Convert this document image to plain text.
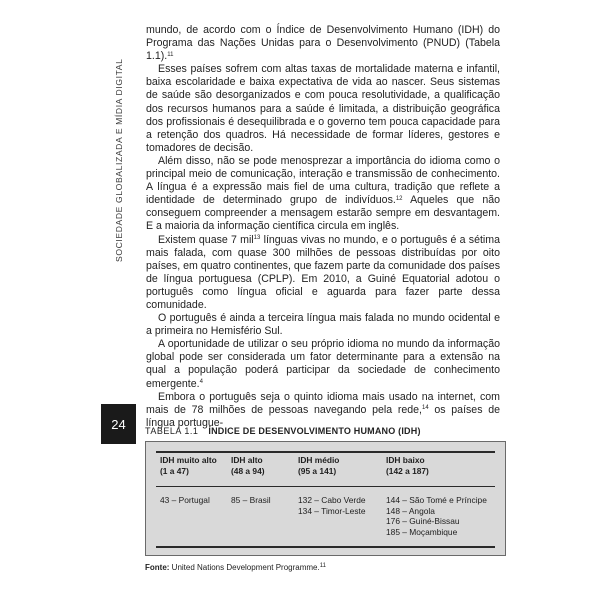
SOCIEDADE GLOBALIZADA E MÍDIA DIGITAL
24

mundo, de acordo com o Índice de Desenvolvimento Humano (IDH) do Programa das Nações Unidas para o Desenvolvimento (PNUD) (Tabela 1.1).$^{11}$

Esses países sofrem com altas taxas de mortalidade materna e infantil, baixa escolaridade e baixa expectativa de vida ao nascer. Seus sistemas de saúde são desorganizados e com pouca resolutividade, a qualificação dos recursos humanos para a saúde é limitada, a distribuição geográfica dos profissionais é desequilibrada e o governo tem pouca capacidade para a retenção dos quadros. Há necessidade de formar líderes, gestores e tomadores de decisão.

Além disso, não se pode menosprezar a importância do idioma como o principal meio de comunicação, interação e transmissão de conhecimento. A língua é a expressão mais fiel de uma cultura, tradição que reflete a identidade de determinado grupo de indivíduos.$^{12}$ Aqueles que não conseguem compreender a mensagem estarão sempre em desvantagem. E a maioria da informação científica circula em inglês.

Existem quase 7 mil$^{13}$ línguas vivas no mundo, e o português é a sétima mais falada, com quase 300 milhões de pessoas distribuídas por oito países, em quatro continentes, que fazem parte da comunidade dos países de língua portuguesa (CPLP). Em 2010, a Guiné Equatorial adotou o português como língua oficial e aguarda para fazer parte dessa comunidade.

O português é ainda a terceira língua mais falada no mundo ocidental e a primeira no Hemisfério Sul.

A oportunidade de utilizar o seu próprio idioma no mundo da informação global pode ser considerada um fator determinante para a extensão na qual a população poderá participar da sociedade de conhecimento emergente.$^4$

Embora o português seja o quinto idioma mais usado na internet, com mais de 78 milhões de pessoas navegando pela rede,$^{14}$ os países de língua portugue-

TABELA 1.1 ÍNDICE DE DESENVOLVIMENTO HUMANO (IDH)
IDH muito alto
(1 a 47)
43 – Portugal
IDH alto
(48 a 94)
85 – Brasil
IDH médio
(95 a 141)
132 – Cabo Verde
134 – Timor-Leste
IDH baixo
(142 a 187)
144 – São Tomé e Príncipe
148 – Angola
176 – Guiné-Bissau
185 – Moçambique
Fonte: United Nations Development Programme.$^{11}$
